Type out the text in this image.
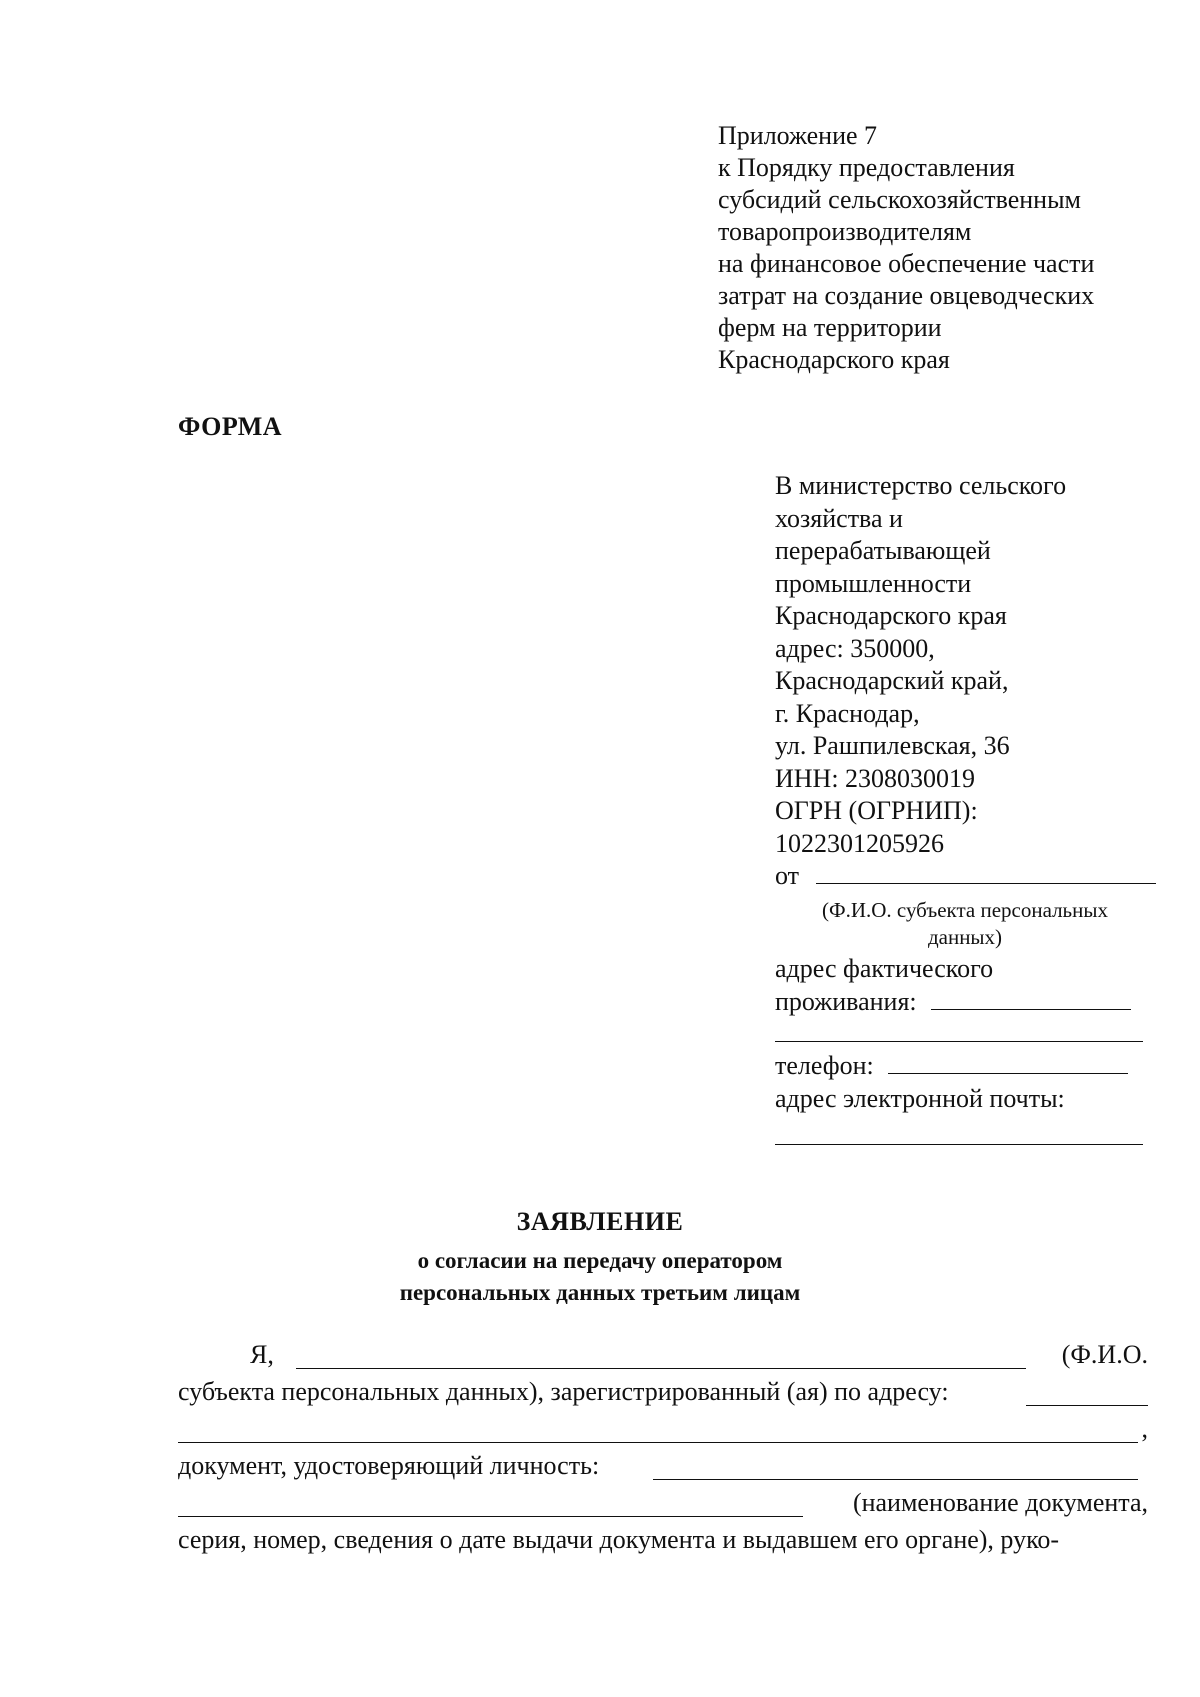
Приложение 7
к Порядку предоставления
субсидий сельскохозяйственным
товаропроизводителям
на финансовое обеспечение части
затрат на создание овцеводческих
ферм на территории
Краснодарского края
ФОРМА
В министерство сельского
хозяйства и
перерабатывающей
промышленности
Краснодарского края
адрес: 350000,
Краснодарский край,
г. Краснодар,
ул. Рашпилевская, 36
ИНН: 2308030019
ОГРН (ОГРНИП):
1022301205926
от
(Ф.И.О. субъекта персональных
данных)
адрес фактического
проживания:
телефон:
адрес электронной почты:
ЗАЯВЛЕНИЕ
о согласии на передачу оператором
персональных данных третьим лицам
Я,	(Ф.И.О.
субъекта персональных данных), зарегистрированный (ая) по адресу:
,
документ, удостоверяющий личность:
(наименование документа,
серия, номер, сведения о дате выдачи документа и выдавшем его органе), руко-
